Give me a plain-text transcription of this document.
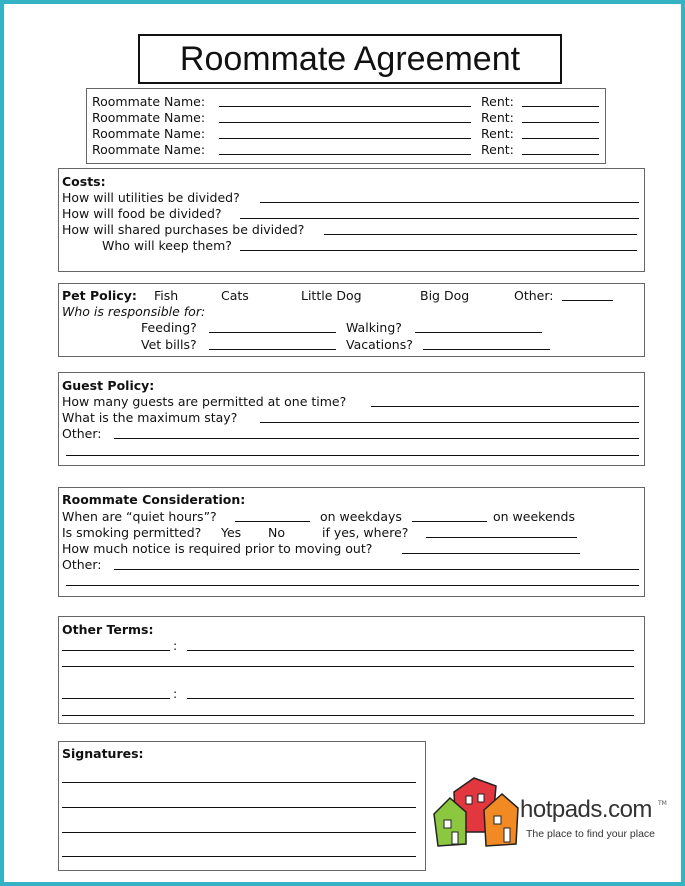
Roommate Agreement
Roommate Name:	Rent:
Roommate Name:	Rent:
Roommate Name:	Rent:
Roommate Name:	Rent:
Costs:
How will utilities be divided?
How will food be divided?
How will shared purchases be divided?
Who will keep them?
Pet Policy: Fish	Cats	Little Dog	Big Dog	Other:
Who is responsible for:
Feeding?	Walking?
Vet bills?	Vacations?
Guest Policy:
How many guests are permitted at one time?
What is the maximum stay?
Other:
Roommate Consideration:
When are “quiet hours”?	on weekdays	on weekends
Is smoking permitted? Yes No	if yes, where?
How much notice is required prior to moving out?
Other:
Other Terms:
:
:
Signatures:
hotpads.com TM
The place to find your place
